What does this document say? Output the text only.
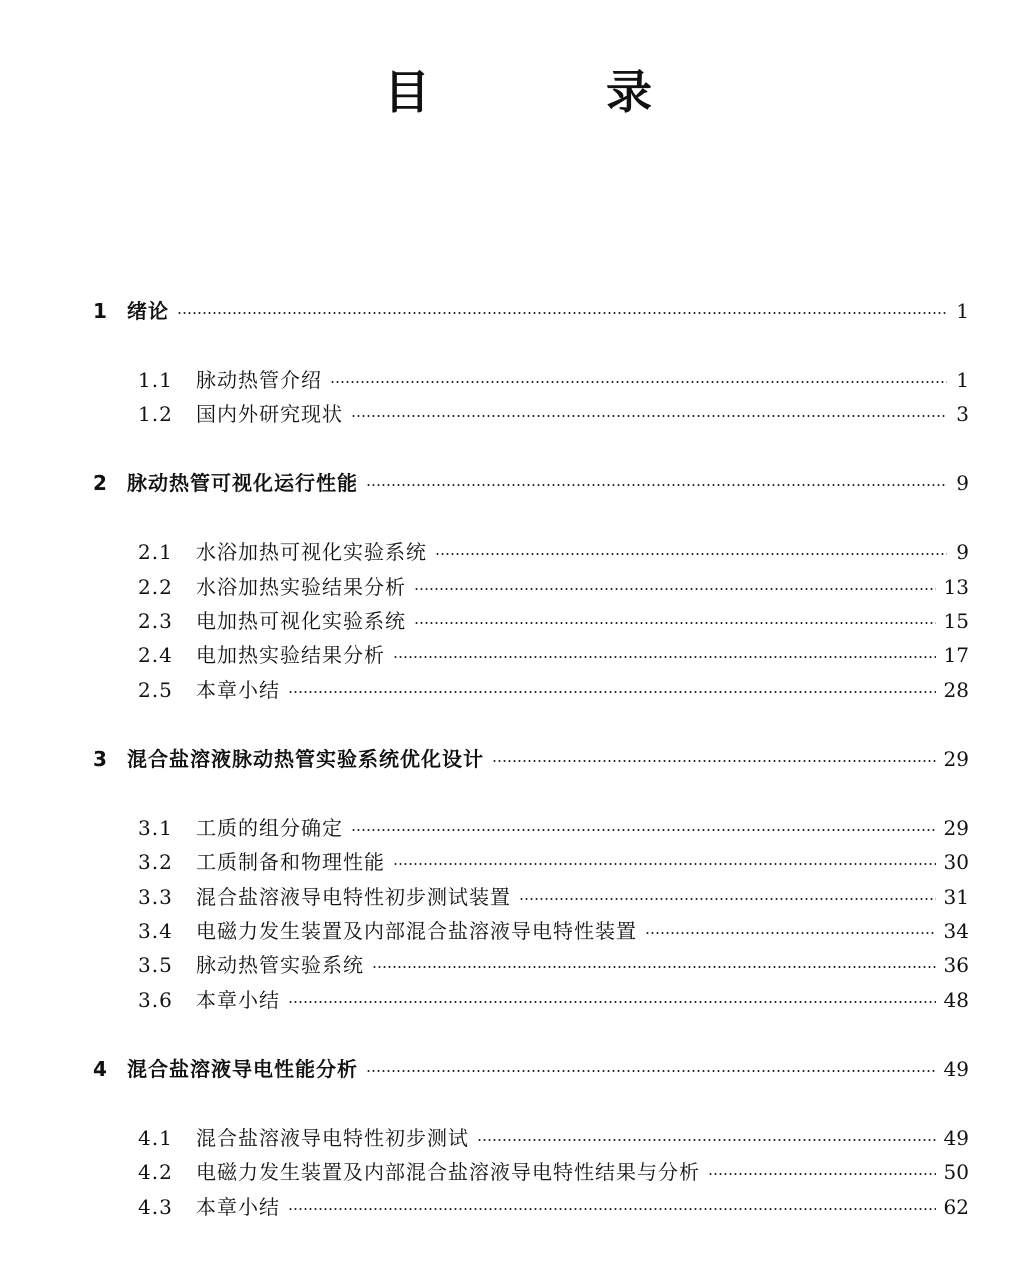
目 录
1	绪论	1
1.1	脉动热管介绍	1
1.2	国内外研究现状	3
2	脉动热管可视化运行性能	9
2.1	水浴加热可视化实验系统	9
2.2	水浴加热实验结果分析	13
2.3	电加热可视化实验系统	15
2.4	电加热实验结果分析	17
2.5	本章小结	28
3	混合盐溶液脉动热管实验系统优化设计	29
3.1	工质的组分确定	29
3.2	工质制备和物理性能	30
3.3	混合盐溶液导电特性初步测试装置	31
3.4	电磁力发生装置及内部混合盐溶液导电特性装置	34
3.5	脉动热管实验系统	36
3.6	本章小结	48
4	混合盐溶液导电性能分析	49
4.1	混合盐溶液导电特性初步测试	49
4.2	电磁力发生装置及内部混合盐溶液导电特性结果与分析	50
4.3	本章小结	62
